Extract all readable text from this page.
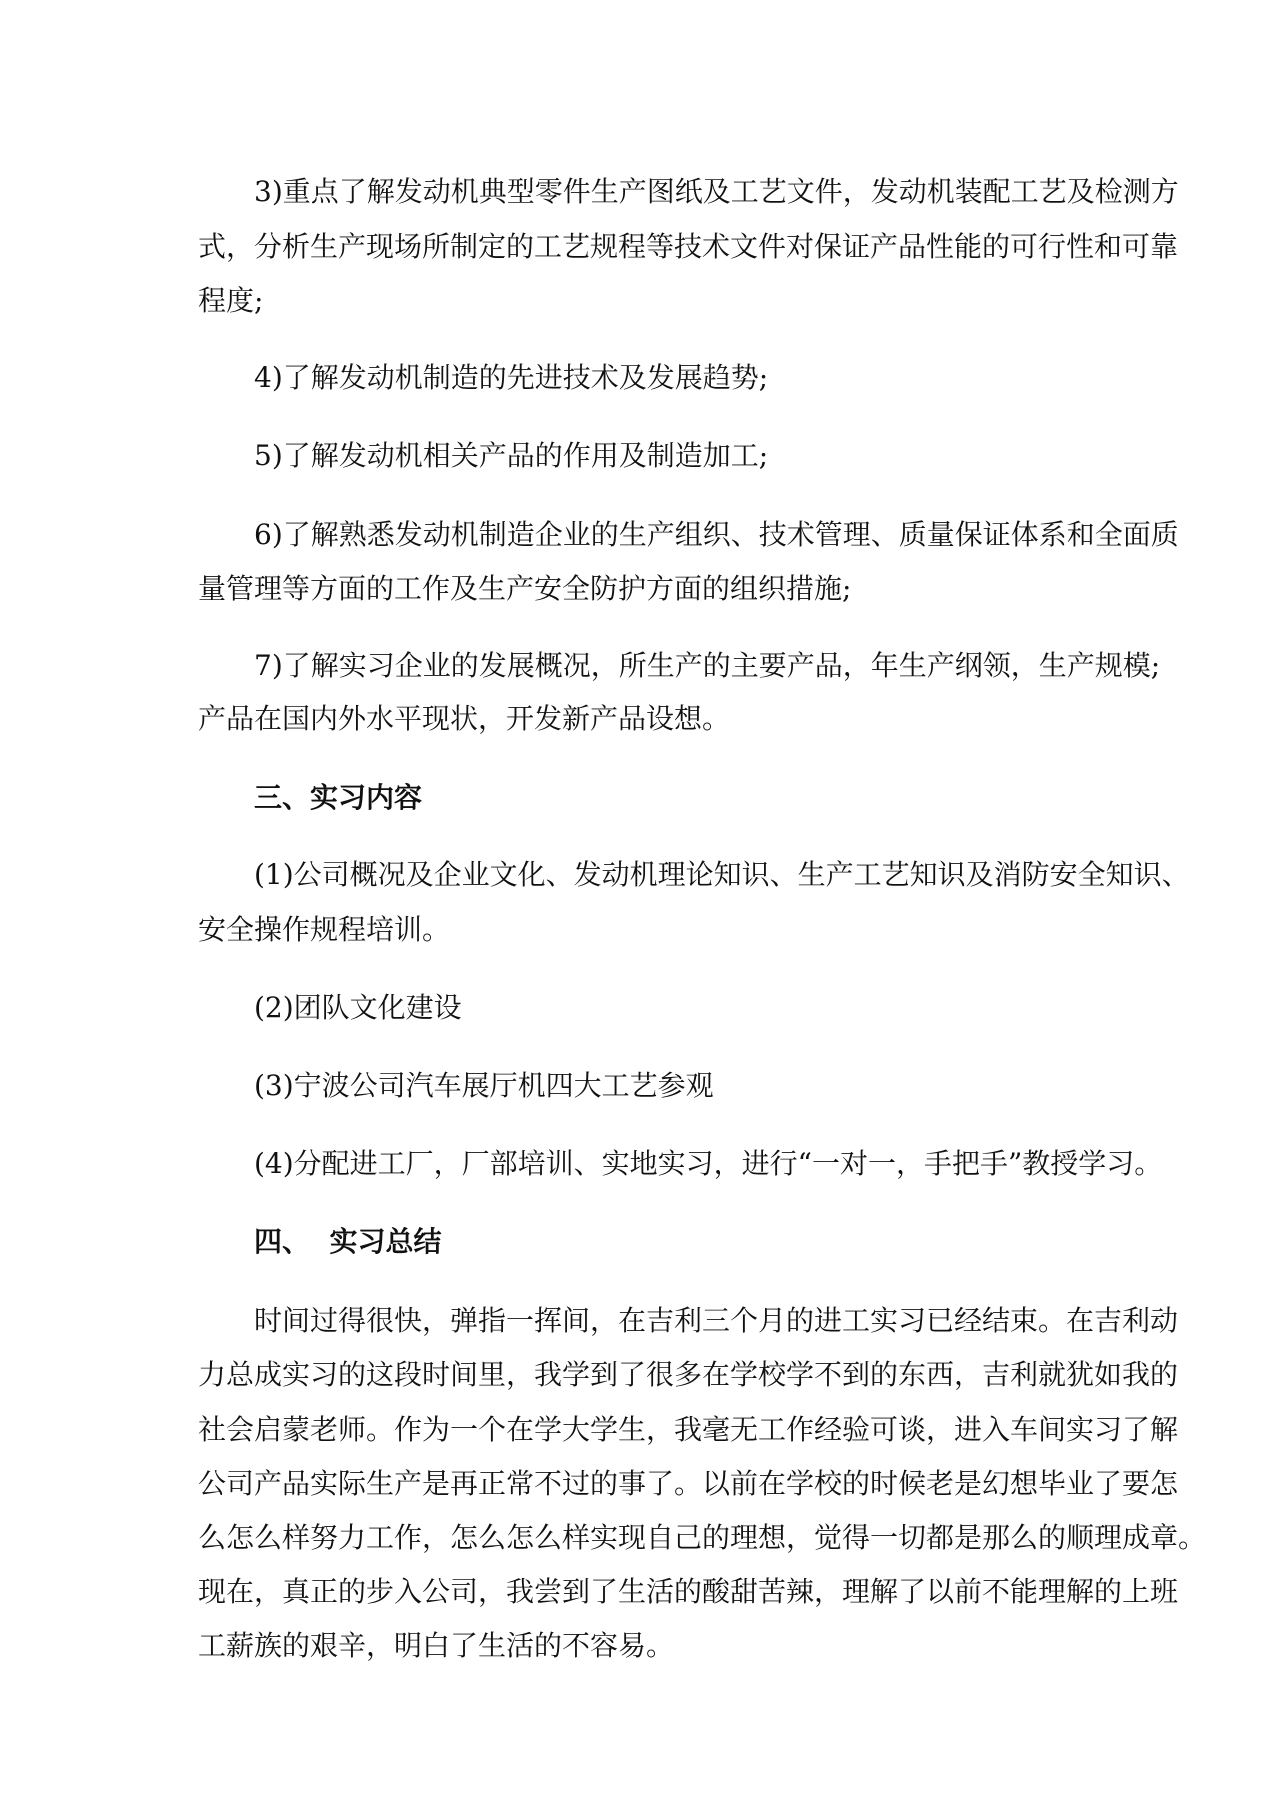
3)重点了解发动机典型零件生产图纸及工艺文件，发动机装配工艺及检测方
式，分析生产现场所制定的工艺规程等技术文件对保证产品性能的可行性和可靠
程度;
4)了解发动机制造的先进技术及发展趋势;
5)了解发动机相关产品的作用及制造加工;
6)了解熟悉发动机制造企业的生产组织、技术管理、质量保证体系和全面质
量管理等方面的工作及生产安全防护方面的组织措施;
7)了解实习企业的发展概况，所生产的主要产品，年生产纲领，生产规模;
产品在国内外水平现状，开发新产品设想。
三、实习内容
(1)公司概况及企业文化、发动机理论知识、生产工艺知识及消防安全知识、
安全操作规程培训。
(2)团队文化建设
(3)宁波公司汽车展厅机四大工艺参观
(4)分配进工厂，厂部培训、实地实习，进行“一对一，手把手”教授学习。
四、  实习总结
时间过得很快，弹指一挥间，在吉利三个月的进工实习已经结束。在吉利动
力总成实习的这段时间里，我学到了很多在学校学不到的东西，吉利就犹如我的
社会启蒙老师。作为一个在学大学生，我毫无工作经验可谈，进入车间实习了解
公司产品实际生产是再正常不过的事了。以前在学校的时候老是幻想毕业了要怎
么怎么样努力工作，怎么怎么样实现自己的理想，觉得一切都是那么的顺理成章。
现在，真正的步入公司，我尝到了生活的酸甜苦辣，理解了以前不能理解的上班
工薪族的艰辛，明白了生活的不容易。
